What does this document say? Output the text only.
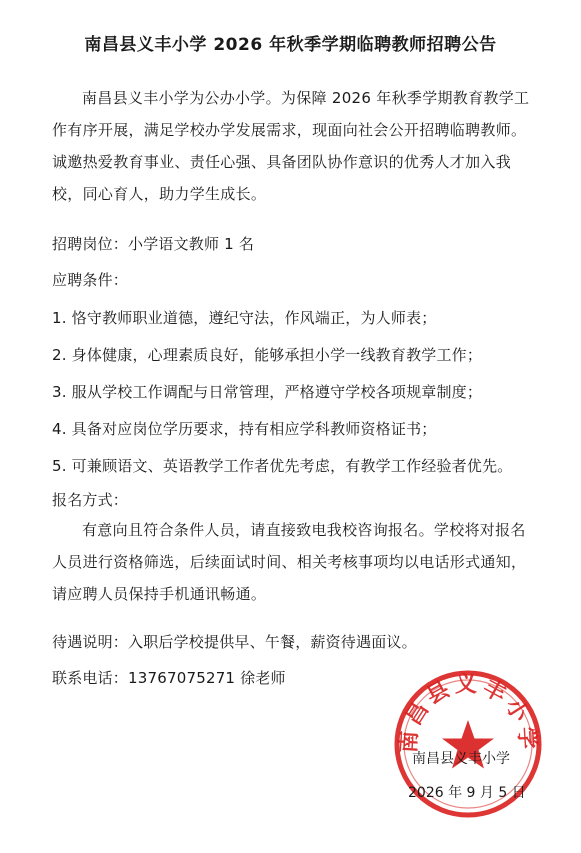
南昌县义丰小学 2026 年秋季学期临聘教师招聘公告
南昌县义丰小学为公办小学。为保障 2026 年秋季学期教育教学工作有序开展，满足学校办学发展需求，现面向社会公开招聘临聘教师。诚邀热爱教育事业、责任心强、具备团队协作意识的优秀人才加入我校，同心育人，助力学生成长。
招聘岗位：小学语文教师 1 名
应聘条件：
1. 恪守教师职业道德，遵纪守法，作风端正，为人师表；
2. 身体健康，心理素质良好，能够承担小学一线教育教学工作；
3. 服从学校工作调配与日常管理，严格遵守学校各项规章制度；
4. 具备对应岗位学历要求，持有相应学科教师资格证书；
5. 可兼顾语文、英语教学工作者优先考虑，有教学工作经验者优先。
报名方式：
有意向且符合条件人员，请直接致电我校咨询报名。学校将对报名人员进行资格筛选，后续面试时间、相关考核事项均以电话形式通知，请应聘人员保持手机通讯畅通。
待遇说明：入职后学校提供早、午餐，薪资待遇面议。
联系电话：13767075271 徐老师
南昌县义丰小学
南昌县义丰小学
2026 年 9 月 5 日
